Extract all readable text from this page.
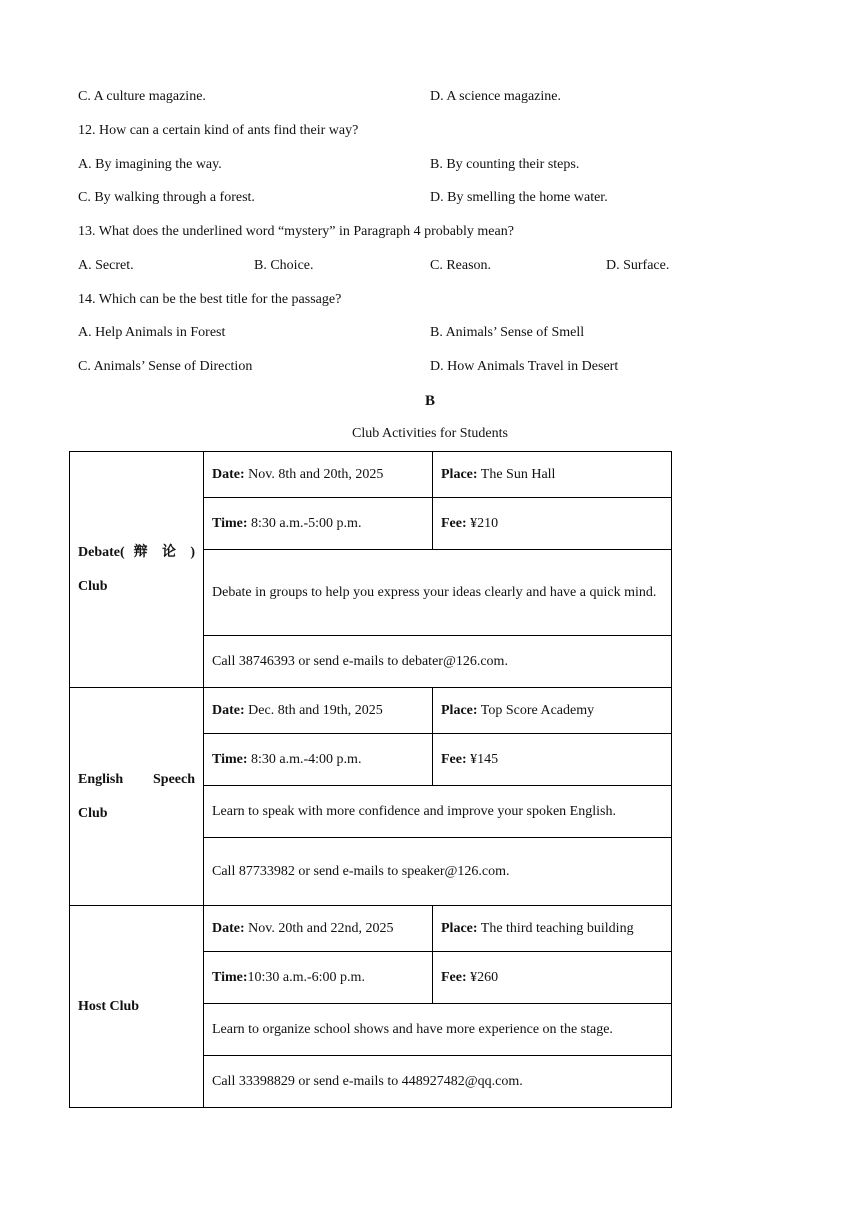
C. A culture magazine.	D. A science magazine.
12. How can a certain kind of ants find their way?
A. By imagining the way.	B. By counting their steps.
C. By walking through a forest.	D. By smelling the home water.
13. What does the underlined word “mystery” in Paragraph 4 probably mean?
A. Secret.	B. Choice.	C. Reason.	D. Surface.
14. Which can be the best title for the passage?
A. Help Animals in Forest	B. Animals’ Sense of Smell
C. Animals’ Sense of Direction	D. How Animals Travel in Desert
B
Club Activities for Students
Debate( 辩 论 )
Club	Date: Nov. 8th and 20th, 2025	Place: The Sun Hall
	Time: 8:30 a.m.-5:00 p.m.	Fee: ¥210
	Debate in groups to help you express your ideas clearly and have a quick mind.	
	Call 38746393 or send e-mails to debater@126.com.	

English Speech
Club	Date: Dec. 8th and 19th, 2025	Place: Top Score Academy
	Time: 8:30 a.m.-4:00 p.m.	Fee: ¥145
	Learn to speak with more confidence and improve your spoken English.	
	Call 87733982 or send e-mails to speaker@126.com.	

Host Club	Date: Nov. 20th and 22nd, 2025	Place: The third teaching building
	Time:10:30 a.m.-6:00 p.m.	Fee: ¥260
	Learn to organize school shows and have more experience on the stage.	
	Call 33398829 or send e-mails to 448927482@qq.com.	
